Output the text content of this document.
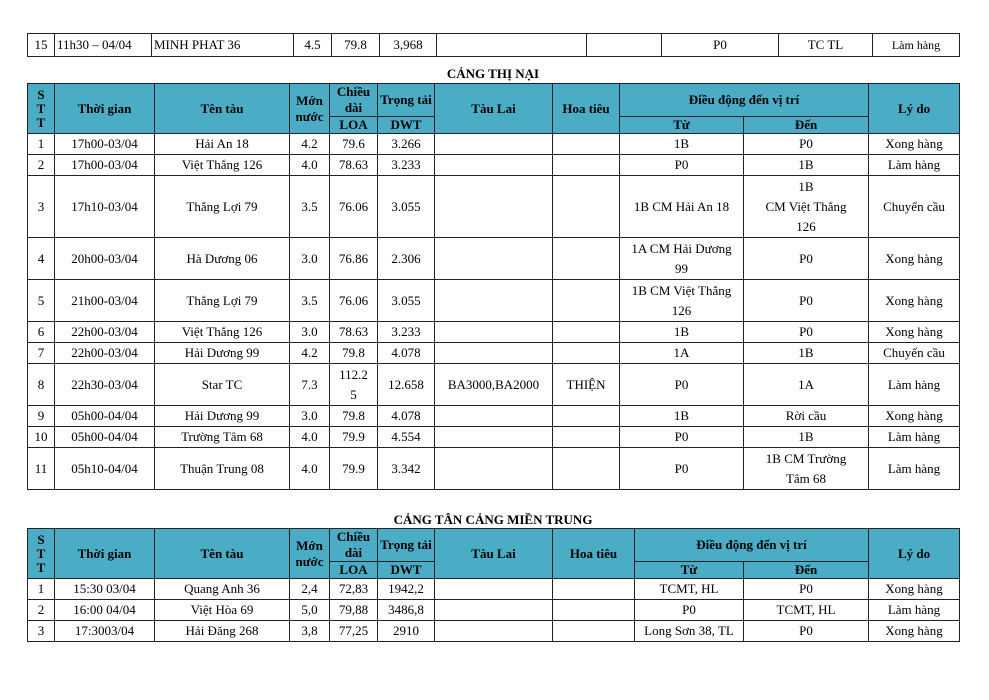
15	11h30 – 04/04	MINH PHAT 36		4.5	79.8	3,968			P0	TC TL	Làm hàng
CẢNG THỊ NẠI
S
T
T	Thời gian	Tên tàu	Mớn
nước	Chiều
dài	Trọng tải	Tàu Lai	Hoa tiêu	Điều động đến vị trí		Lý do
				LOA	DWT			Từ	Đến	
1	17h00-03/04	Hải An 18	4.2	79.6	3.266			1B	P0	Xong hàng
2	17h00-03/04	Việt Thắng 126	4.0	78.63	3.233			P0	1B	Làm hàng
3	17h10-03/04	Thắng Lợi 79	3.5	76.06	3.055			1B CM Hải An 18	1B
CM Việt Thắng
126	Chuyển cầu
4	20h00-03/04	Hà Dương 06	3.0	76.86	2.306			1A CM Hải Dương
99	P0	Xong hàng
5	21h00-03/04	Thắng Lợi 79	3.5	76.06	3.055			1B CM Việt Thắng
126	P0	Xong hàng
6	22h00-03/04	Việt Thắng 126	3.0	78.63	3.233			1B	P0	Xong hàng
7	22h00-03/04	Hải Dương 99	4.2	79.8	4.078			1A	1B	Chuyển cầu
8	22h30-03/04	Star TC	7.3	112.2
5	12.658	BA3000,BA2000	THIỆN	P0	1A	Làm hàng
9	05h00-04/04	Hải Dương 99	3.0	79.8	4.078			1B	Rời cầu	Xong hàng
10	05h00-04/04	Trường Tâm 68	4.0	79.9	4.554			P0	1B	Làm hàng
11	05h10-04/04	Thuận Trung 08	4.0	79.9	3.342			P0	1B CM Trường
Tâm 68	Làm hàng
CẢNG TÂN CẢNG MIỀN TRUNG
S
T
T	Thời gian	Tên tàu	Mớn
nước	Chiều
dài	Trọng tải	Tàu Lai	Hoa tiêu	Điều động đến vị trí		Lý do
				LOA	DWT			Từ	Đến	
1	15:30 03/04	Quang Anh 36	2,4	72,83	1942,2			TCMT, HL	P0	Xong hàng
2	16:00 04/04	Việt Hòa 69	5,0	79,88	3486,8			P0	TCMT, HL	Làm hàng
3	17:3003/04	Hải Đăng 268	3,8	77,25	2910			Long Sơn 38, TL	P0	Xong hàng
